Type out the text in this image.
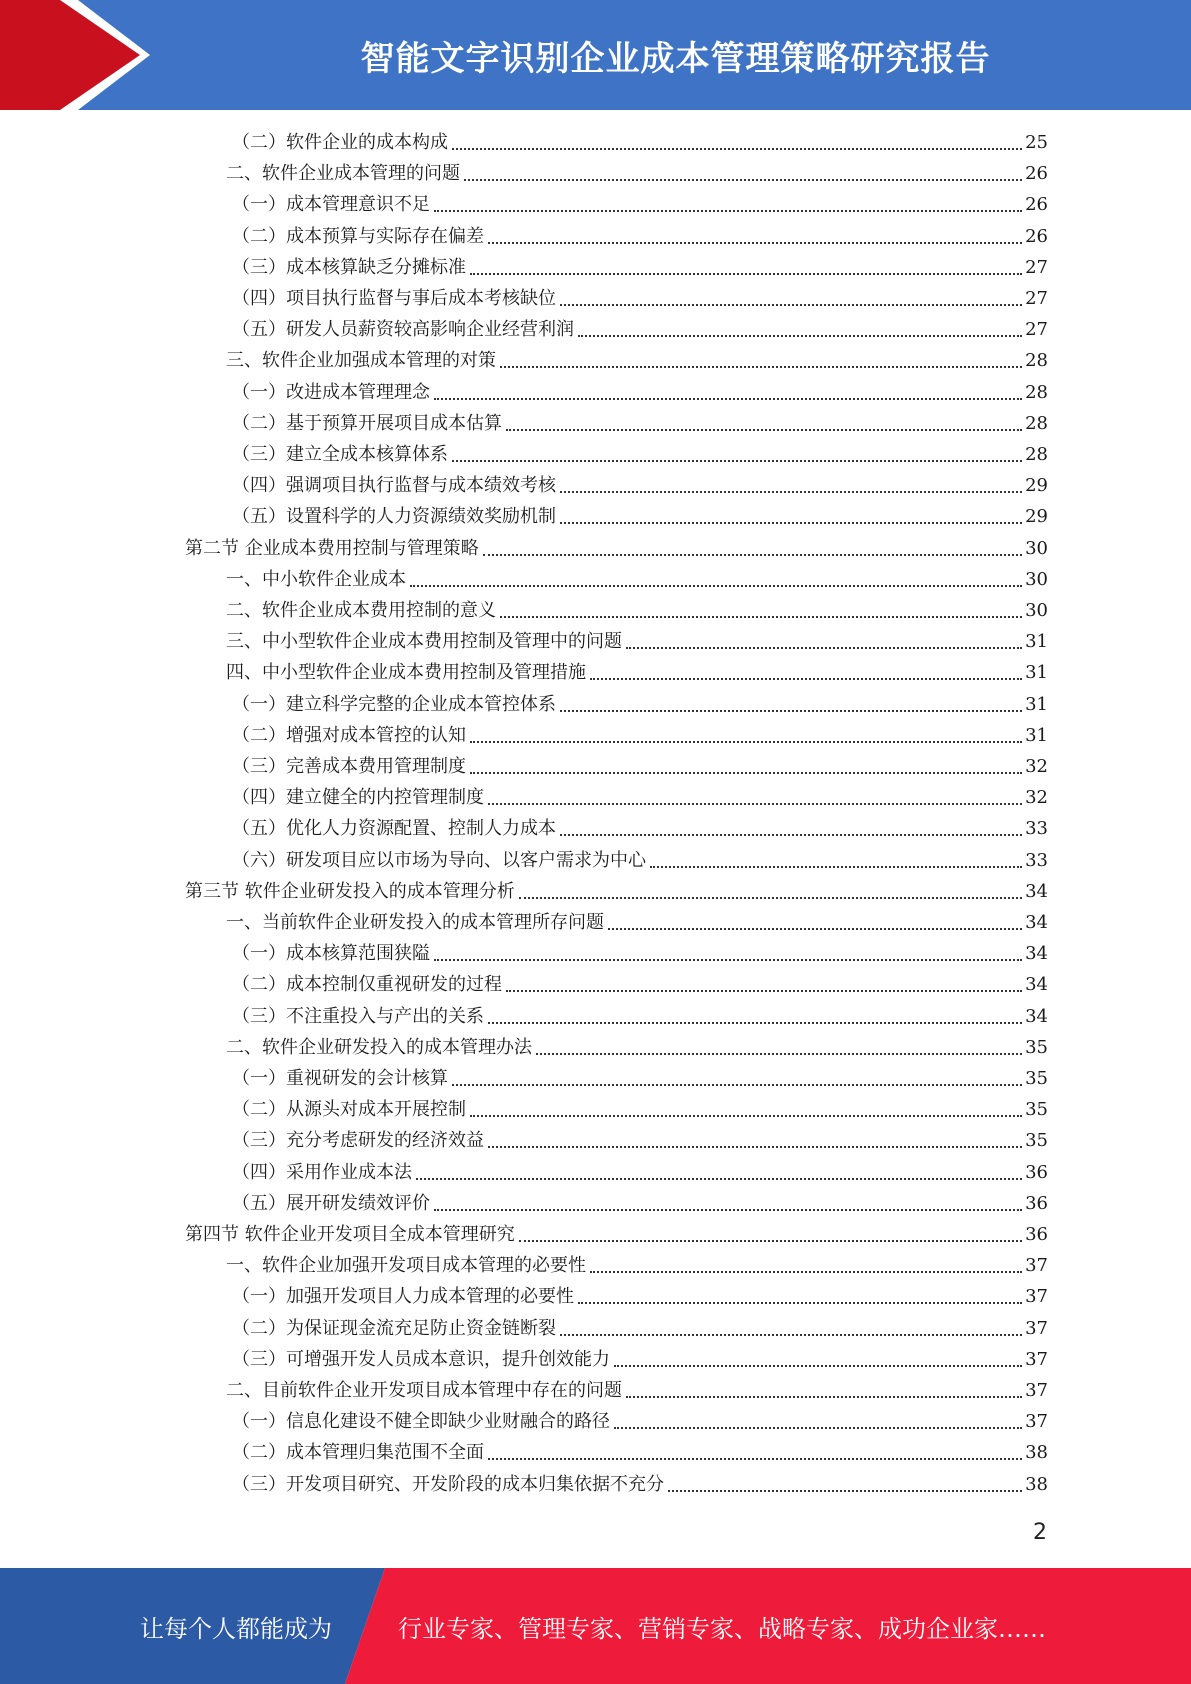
智能文字识别企业成本管理策略研究报告
（二）软件企业的成本构成	25
二、软件企业成本管理的问题	26
（一）成本管理意识不足	26
（二）成本预算与实际存在偏差	26
（三）成本核算缺乏分摊标准	27
（四）项目执行监督与事后成本考核缺位	27
（五）研发人员薪资较高影响企业经营利润	27
三、软件企业加强成本管理的对策	28
（一）改进成本管理理念	28
（二）基于预算开展项目成本估算	28
（三）建立全成本核算体系	28
（四）强调项目执行监督与成本绩效考核	29
（五）设置科学的人力资源绩效奖励机制	29
第二节 企业成本费用控制与管理策略	30
一、中小软件企业成本	30
二、软件企业成本费用控制的意义	30
三、中小型软件企业成本费用控制及管理中的问题	31
四、中小型软件企业成本费用控制及管理措施	31
（一）建立科学完整的企业成本管控体系	31
（二）增强对成本管控的认知	31
（三）完善成本费用管理制度	32
（四）建立健全的内控管理制度	32
（五）优化人力资源配置、控制人力成本	33
（六）研发项目应以市场为导向、以客户需求为中心	33
第三节 软件企业研发投入的成本管理分析	34
一、当前软件企业研发投入的成本管理所存问题	34
（一）成本核算范围狭隘	34
（二）成本控制仅重视研发的过程	34
（三）不注重投入与产出的关系	34
二、软件企业研发投入的成本管理办法	35
（一）重视研发的会计核算	35
（二）从源头对成本开展控制	35
（三）充分考虑研发的经济效益	35
（四）采用作业成本法	36
（五）展开研发绩效评价	36
第四节 软件企业开发项目全成本管理研究	36
一、软件企业加强开发项目成本管理的必要性	37
（一）加强开发项目人力成本管理的必要性	37
（二）为保证现金流充足防止资金链断裂	37
（三）可增强开发人员成本意识，提升创效能力	37
二、目前软件企业开发项目成本管理中存在的问题	37
（一）信息化建设不健全即缺少业财融合的路径	37
（二）成本管理归集范围不全面	38
（三）开发项目研究、开发阶段的成本归集依据不充分	38
2
让每个人都能成为	行业专家、管理专家、营销专家、战略专家、成功企业家……
